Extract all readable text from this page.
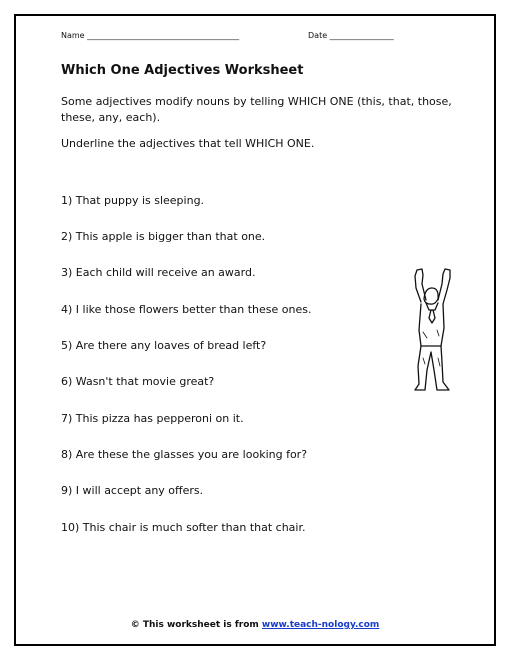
Name ______________________________________	Date ________________
Which One Adjectives Worksheet
Some adjectives modify nouns by telling WHICH ONE (this, that, those, these, any, each).
Underline the adjectives that tell WHICH ONE.
1) That puppy is sleeping.
2) This apple is bigger than that one.
3) Each child will receive an award.
4) I like those flowers better than these ones.
5) Are there any loaves of bread left?
6) Wasn't that movie great?
7) This pizza has pepperoni on it.
8) Are these the glasses you are looking for?
9) I will accept any offers.
10) This chair is much softer than that chair.
© This worksheet is from www.teach-nology.com
